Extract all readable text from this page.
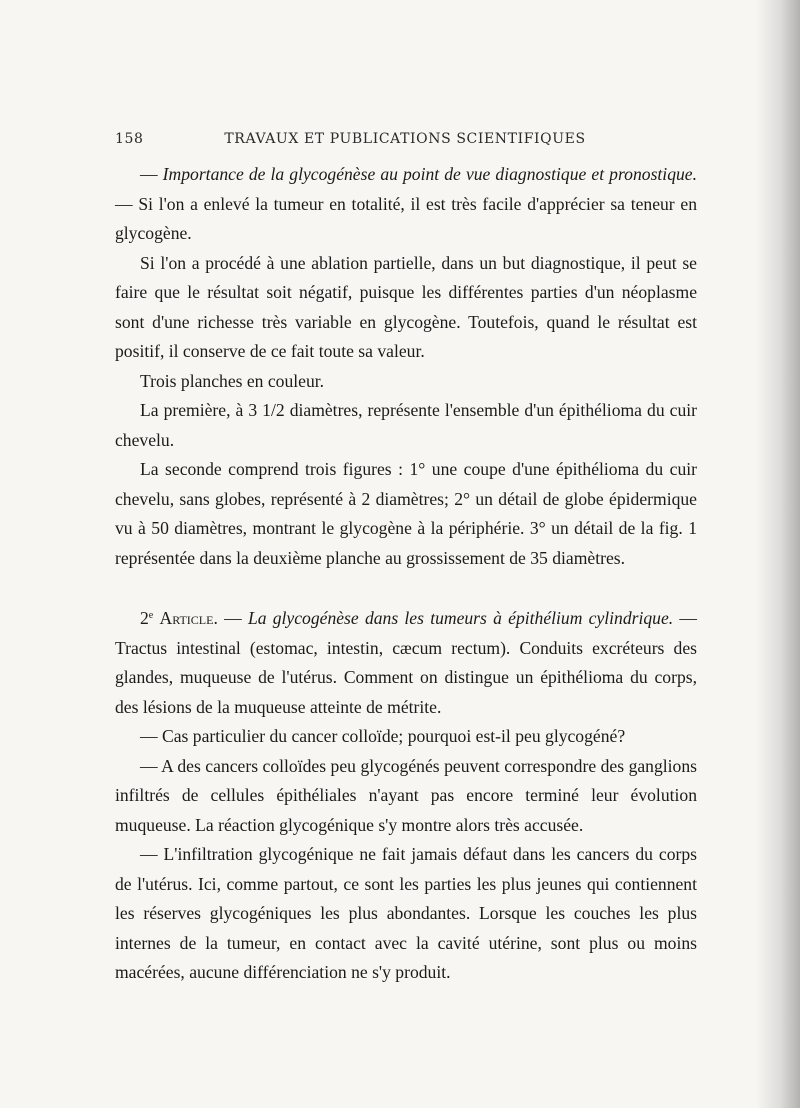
158	TRAVAUX ET PUBLICATIONS SCIENTIFIQUES

— Importance de la glycogénèse au point de vue diagnostique et pronostique. — Si l'on a enlevé la tumeur en totalité, il est très facile d'apprécier sa teneur en glycogène.

Si l'on a procédé à une ablation partielle, dans un but diagnostique, il peut se faire que le résultat soit négatif, puisque les différentes parties d'un néoplasme sont d'une richesse très variable en glycogène. Toutefois, quand le résultat est positif, il conserve de ce fait toute sa valeur.

Trois planches en couleur.

La première, à 3 1/2 diamètres, représente l'ensemble d'un épithélioma du cuir chevelu.

La seconde comprend trois figures : 1° une coupe d'une épithélioma du cuir chevelu, sans globes, représenté à 2 diamètres; 2° un détail de globe épidermique vu à 50 diamètres, montrant le glycogène à la périphérie. 3° un détail de la fig. 1 représentée dans la deuxième planche au grossissement de 35 diamètres.

2e Article. — La glycogénèse dans les tumeurs à épithélium cylindrique. — Tractus intestinal (estomac, intestin, cæcum rectum). Conduits excréteurs des glandes, muqueuse de l'utérus. Comment on distingue un épithélioma du corps, des lésions de la muqueuse atteinte de métrite.

— Cas particulier du cancer colloïde; pourquoi est-il peu glycogéné?

— A des cancers colloïdes peu glycogénés peuvent correspondre des ganglions infiltrés de cellules épithéliales n'ayant pas encore terminé leur évolution muqueuse. La réaction glycogénique s'y montre alors très accusée.

— L'infiltration glycogénique ne fait jamais défaut dans les cancers du corps de l'utérus. Ici, comme partout, ce sont les parties les plus jeunes qui contiennent les réserves glycogéniques les plus abondantes. Lorsque les couches les plus internes de la tumeur, en contact avec la cavité utérine, sont plus ou moins macérées, aucune différenciation ne s'y produit.
